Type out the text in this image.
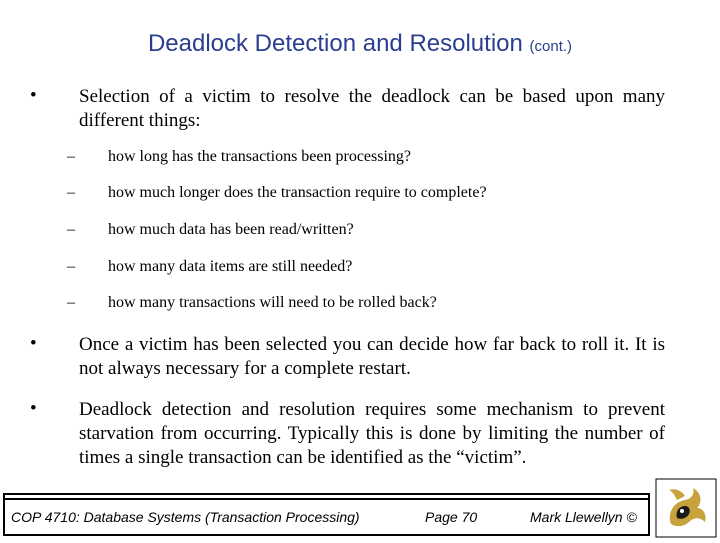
Deadlock Detection and Resolution (cont.)
• Selection of a victim to resolve the deadlock can be based upon many different things:
– how long has the transactions been processing?
– how much longer does the transaction require to complete?
– how much data has been read/written?
– how many data items are still needed?
– how many transactions will need to be rolled back?
• Once a victim has been selected you can decide how far back to roll it. It is not always necessary for a complete restart.
• Deadlock detection and resolution requires some mechanism to prevent starvation from occurring. Typically this is done by limiting the number of times a single transaction can be identified as the “victim”.
COP 4710: Database Systems (Transaction Processing)	Page 70	Mark Llewellyn ©
